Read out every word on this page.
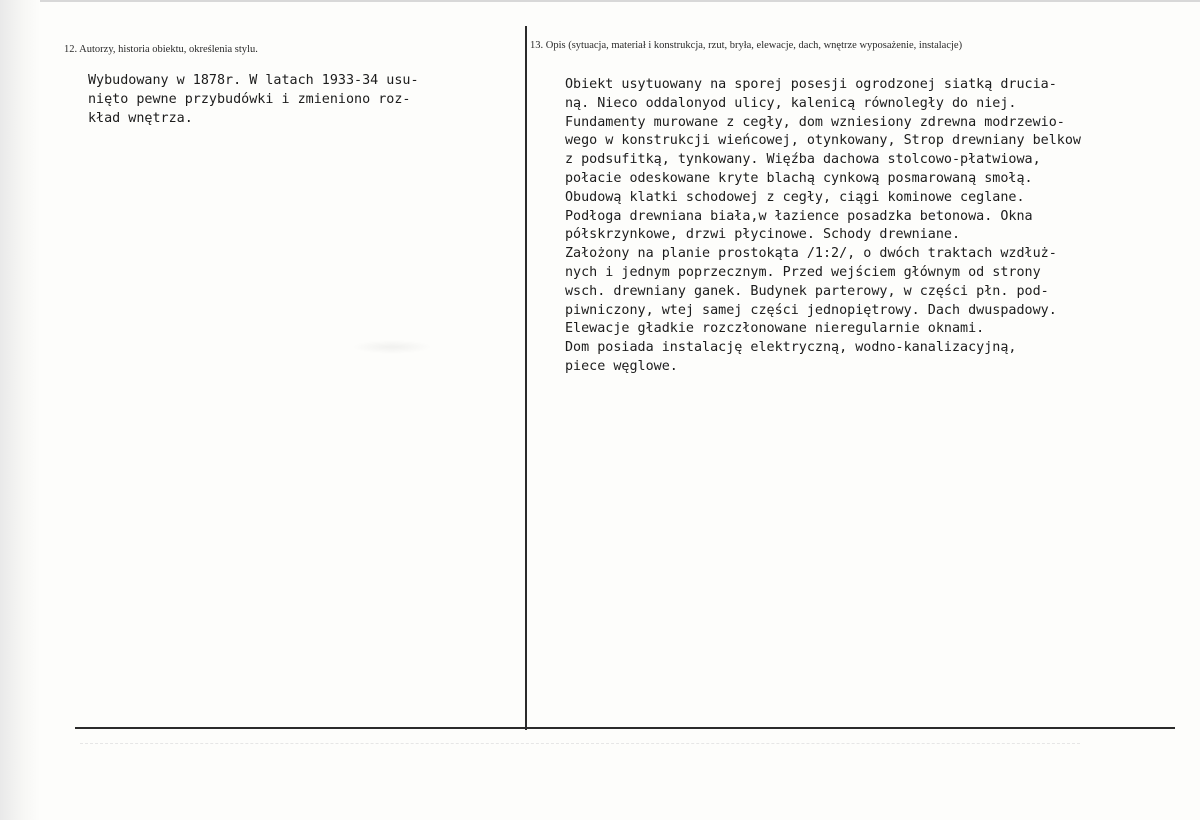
12. Autorzy, historia obiektu, określenia stylu.	13. Opis (sytuacja, materiał i konstrukcja, rzut, bryła, elewacje, dach, wnętrze wyposażenie, instalacje)
Wybudowany w 1878r. W latach 1933-34 usu-
nięto pewne przybudówki i zmieniono roz-
kład wnętrza.
Obiekt usytuowany na sporej posesji ogrodzonej siatką drucia-
ną. Nieco oddalonyod ulicy, kalenicą równoległy do niej.
Fundamenty murowane z cegły, dom wzniesiony zdrewna modrzewio-
wego w konstrukcji wieńcowej, otynkowany, Strop drewniany belkow
z podsufitką, tynkowany. Więźba dachowa stolcowo-płatwiowa,
połacie odeskowane kryte blachą cynkową posmarowaną smołą.
Obudową klatki schodowej z cegły, ciągi kominowe ceglane.
Podłoga drewniana biała,w łazience posadzka betonowa. Okna
półskrzynkowe, drzwi płycinowe. Schody drewniane.
Założony na planie prostokąta /1:2/, o dwóch traktach wzdłuż-
nych i jednym poprzecznym. Przed wejściem głównym od strony
wsch. drewniany ganek. Budynek parterowy, w części płn. pod-
piwniczony, wtej samej części jednopiętrowy. Dach dwuspadowy.
Elewacje gładkie rozczłonowane nieregularnie oknami.
Dom posiada instalację elektryczną, wodno-kanalizacyjną,
piece węglowe.
